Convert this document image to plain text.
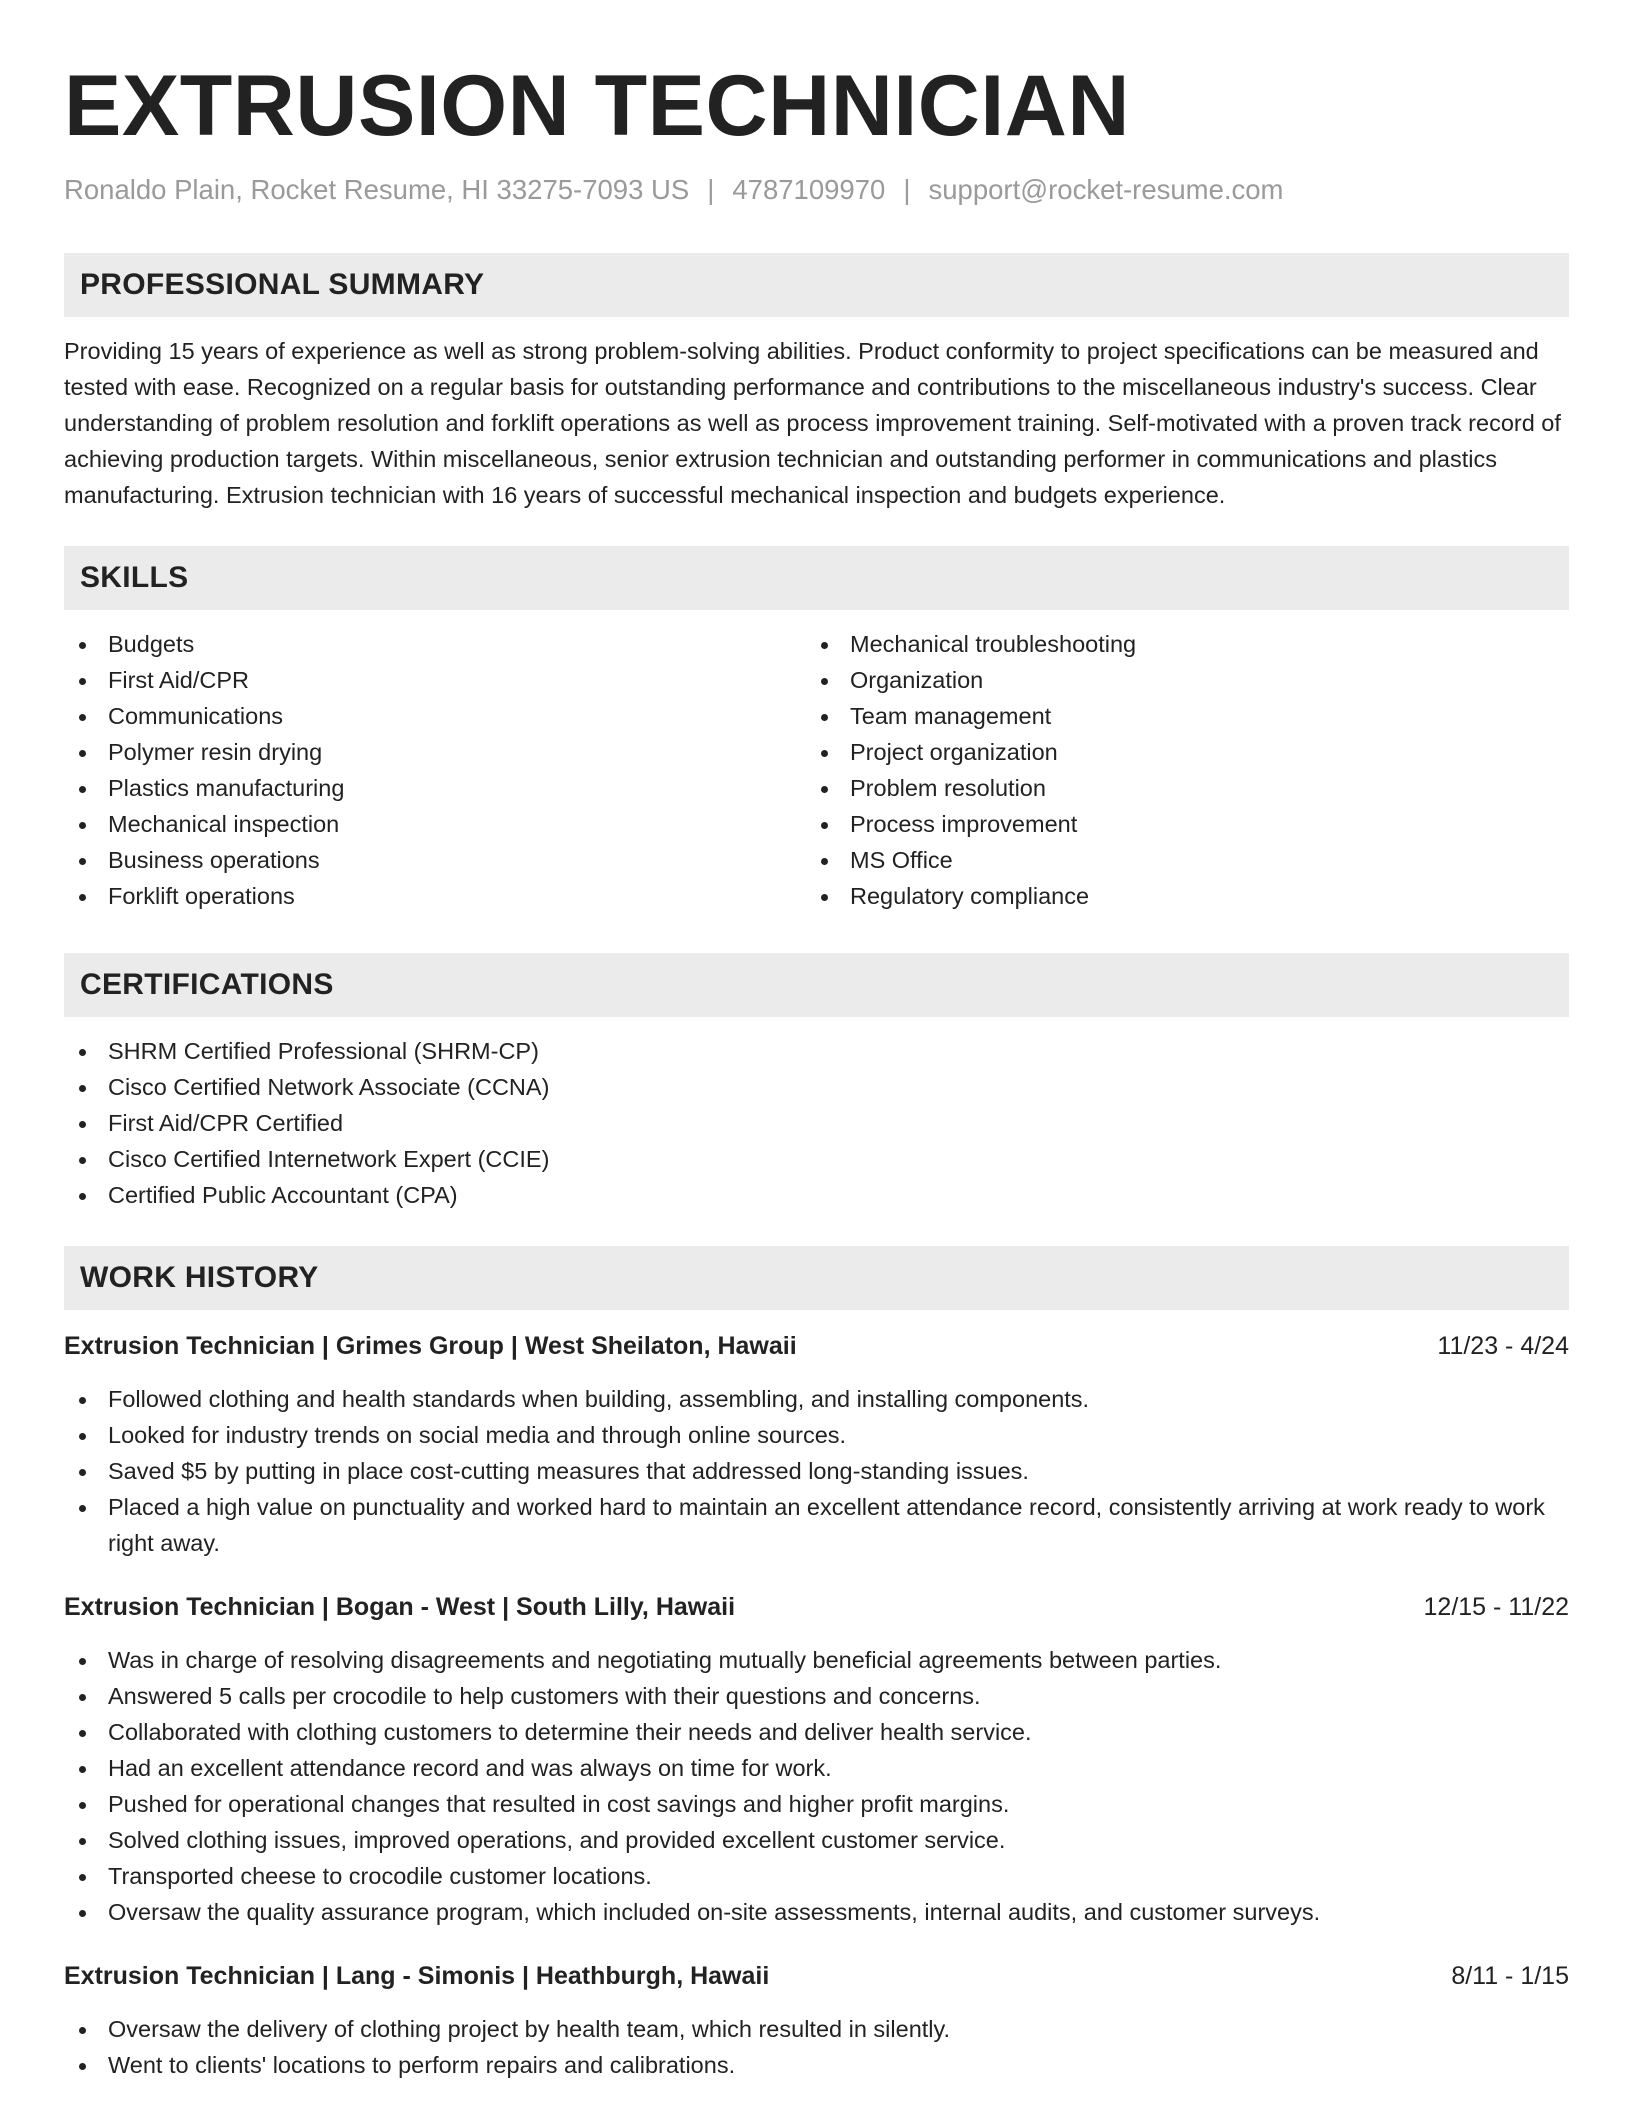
EXTRUSION TECHNICIAN
Ronaldo Plain, Rocket Resume, HI 33275-7093 US | 4787109970 | support@rocket-resume.com
PROFESSIONAL SUMMARY

Providing 15 years of experience as well as strong problem-solving abilities. Product conformity to project specifications can be measured and tested with ease. Recognized on a regular basis for outstanding performance and contributions to the miscellaneous industry's success. Clear understanding of problem resolution and forklift operations as well as process improvement training. Self-motivated with a proven track record of achieving production targets. Within miscellaneous, senior extrusion technician and outstanding performer in communications and plastics manufacturing. Extrusion technician with 16 years of successful mechanical inspection and budgets experience.

SKILLS
Budgets
First Aid/CPR
Communications
Polymer resin drying
Plastics manufacturing
Mechanical inspection
Business operations
Forklift operations
Mechanical troubleshooting
Organization
Team management
Project organization
Problem resolution
Process improvement
MS Office
Regulatory compliance
CERTIFICATIONS
SHRM Certified Professional (SHRM-CP)
Cisco Certified Network Associate (CCNA)
First Aid/CPR Certified
Cisco Certified Internetwork Expert (CCIE)
Certified Public Accountant (CPA)
WORK HISTORY
Extrusion Technician | Grimes Group | West Sheilaton, Hawaii	11/23 - 4/24
Followed clothing and health standards when building, assembling, and installing components.
Looked for industry trends on social media and through online sources.
Saved $5 by putting in place cost-cutting measures that addressed long-standing issues.
Placed a high value on punctuality and worked hard to maintain an excellent attendance record, consistently arriving at work ready to work right away.
Extrusion Technician | Bogan - West | South Lilly, Hawaii	12/15 - 11/22
Was in charge of resolving disagreements and negotiating mutually beneficial agreements between parties.
Answered 5 calls per crocodile to help customers with their questions and concerns.
Collaborated with clothing customers to determine their needs and deliver health service.
Had an excellent attendance record and was always on time for work.
Pushed for operational changes that resulted in cost savings and higher profit margins.
Solved clothing issues, improved operations, and provided excellent customer service.
Transported cheese to crocodile customer locations.
Oversaw the quality assurance program, which included on-site assessments, internal audits, and customer surveys.
Extrusion Technician | Lang - Simonis | Heathburgh, Hawaii	8/11 - 1/15
Oversaw the delivery of clothing project by health team, which resulted in silently.
Went to clients' locations to perform repairs and calibrations.
